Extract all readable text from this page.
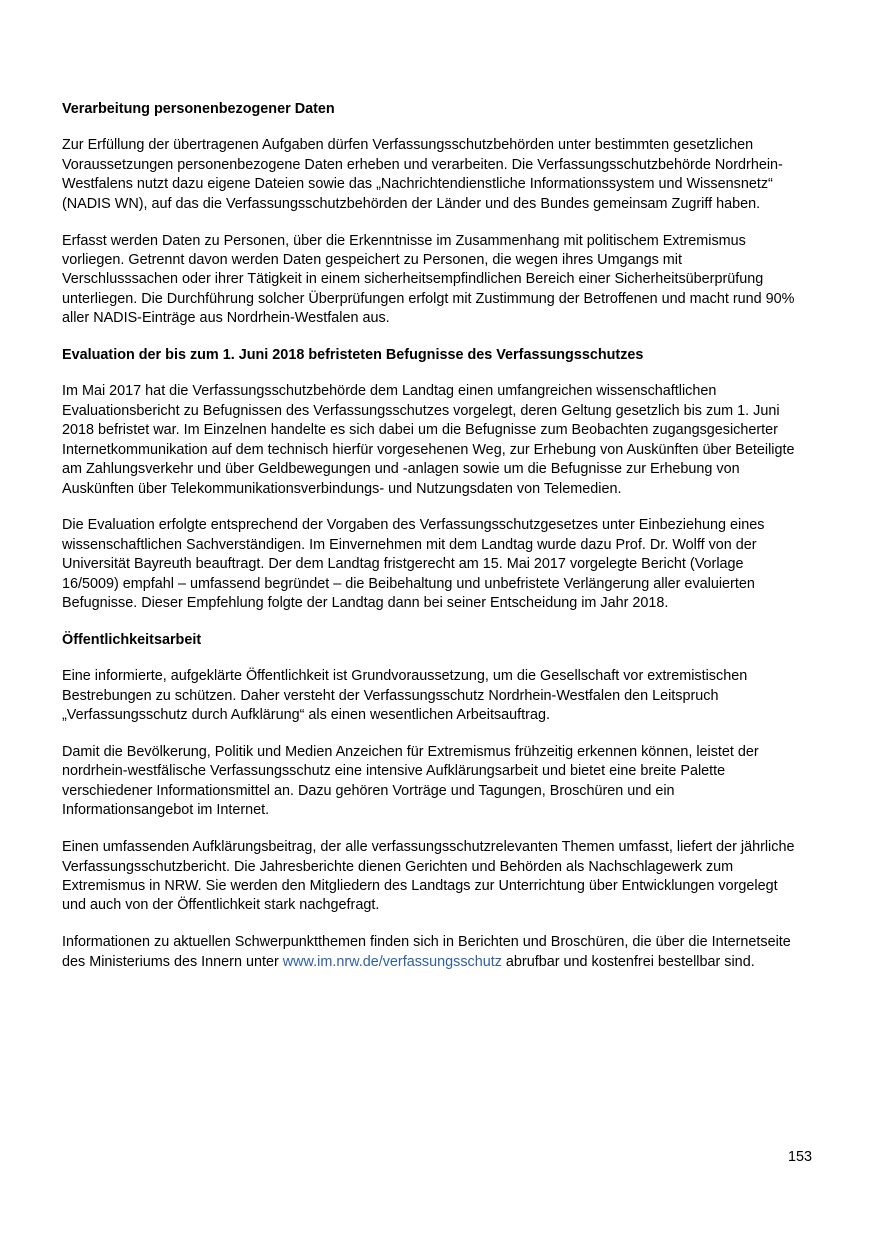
Verarbeitung personenbezogener Daten

Zur Erfüllung der übertragenen Aufgaben dürfen Verfassungsschutzbehörden unter bestimmten gesetzlichen
Voraussetzungen personenbezogene Daten erheben und verarbeiten. Die Verfassungsschutzbehörde Nordrhein-
Westfalens nutzt dazu eigene Dateien sowie das „Nachrichtendienstliche Informationssystem und Wissensnetz“
(NADIS WN), auf das die Verfassungsschutzbehörden der Länder und des Bundes gemeinsam Zugriff haben.

Erfasst werden Daten zu Personen, über die Erkenntnisse im Zusammenhang mit politischem Extremismus
vorliegen. Getrennt davon werden Daten gespeichert zu Personen, die wegen ihres Umgangs mit
Verschlusssachen oder ihrer Tätigkeit in einem sicherheitsempfindlichen Bereich einer Sicherheitsüberprüfung
unterliegen. Die Durchführung solcher Überprüfungen erfolgt mit Zustimmung der Betroffenen und macht rund 90%
aller NADIS-Einträge aus Nordrhein-Westfalen aus.

Evaluation der bis zum 1. Juni 2018 befristeten Befugnisse des Verfassungsschutzes

Im Mai 2017 hat die Verfassungsschutzbehörde dem Landtag einen umfangreichen wissenschaftlichen
Evaluationsbericht zu Befugnissen des Verfassungsschutzes vorgelegt, deren Geltung gesetzlich bis zum 1. Juni
2018 befristet war. Im Einzelnen handelte es sich dabei um die Befugnisse zum Beobachten zugangsgesicherter
Internetkommunikation auf dem technisch hierfür vorgesehenen Weg, zur Erhebung von Auskünften über Beteiligte
am Zahlungsverkehr und über Geldbewegungen und -anlagen sowie um die Befugnisse zur Erhebung von
Auskünften über Telekommunikationsverbindungs- und Nutzungsdaten von Telemedien.

Die Evaluation erfolgte entsprechend der Vorgaben des Verfassungsschutzgesetzes unter Einbeziehung eines
wissenschaftlichen Sachverständigen. Im Einvernehmen mit dem Landtag wurde dazu Prof. Dr. Wolff von der
Universität Bayreuth beauftragt. Der dem Landtag fristgerecht am 15. Mai 2017 vorgelegte Bericht (Vorlage
16/5009) empfahl – umfassend begründet – die Beibehaltung und unbefristete Verlängerung aller evaluierten
Befugnisse. Dieser Empfehlung folgte der Landtag dann bei seiner Entscheidung im Jahr 2018.

Öffentlichkeitsarbeit

Eine informierte, aufgeklärte Öffentlichkeit ist Grundvoraussetzung, um die Gesellschaft vor extremistischen
Bestrebungen zu schützen. Daher versteht der Verfassungsschutz Nordrhein-Westfalen den Leitspruch
„Verfassungsschutz durch Aufklärung“ als einen wesentlichen Arbeitsauftrag.

Damit die Bevölkerung, Politik und Medien Anzeichen für Extremismus frühzeitig erkennen können, leistet der
nordrhein-westfälische Verfassungsschutz eine intensive Aufklärungsarbeit und bietet eine breite Palette
verschiedener Informationsmittel an. Dazu gehören Vorträge und Tagungen, Broschüren und ein
Informationsangebot im Internet.

Einen umfassenden Aufklärungsbeitrag, der alle verfassungsschutzrelevanten Themen umfasst, liefert der jährliche
Verfassungsschutzbericht. Die Jahresberichte dienen Gerichten und Behörden als Nachschlagewerk zum
Extremismus in NRW. Sie werden den Mitgliedern des Landtags zur Unterrichtung über Entwicklungen vorgelegt
und auch von der Öffentlichkeit stark nachgefragt.

Informationen zu aktuellen Schwerpunktthemen finden sich in Berichten und Broschüren, die über die Internetseite
des Ministeriums des Innern unter www.im.nrw.de/verfassungsschutz abrufbar und kostenfrei bestellbar sind.

153
